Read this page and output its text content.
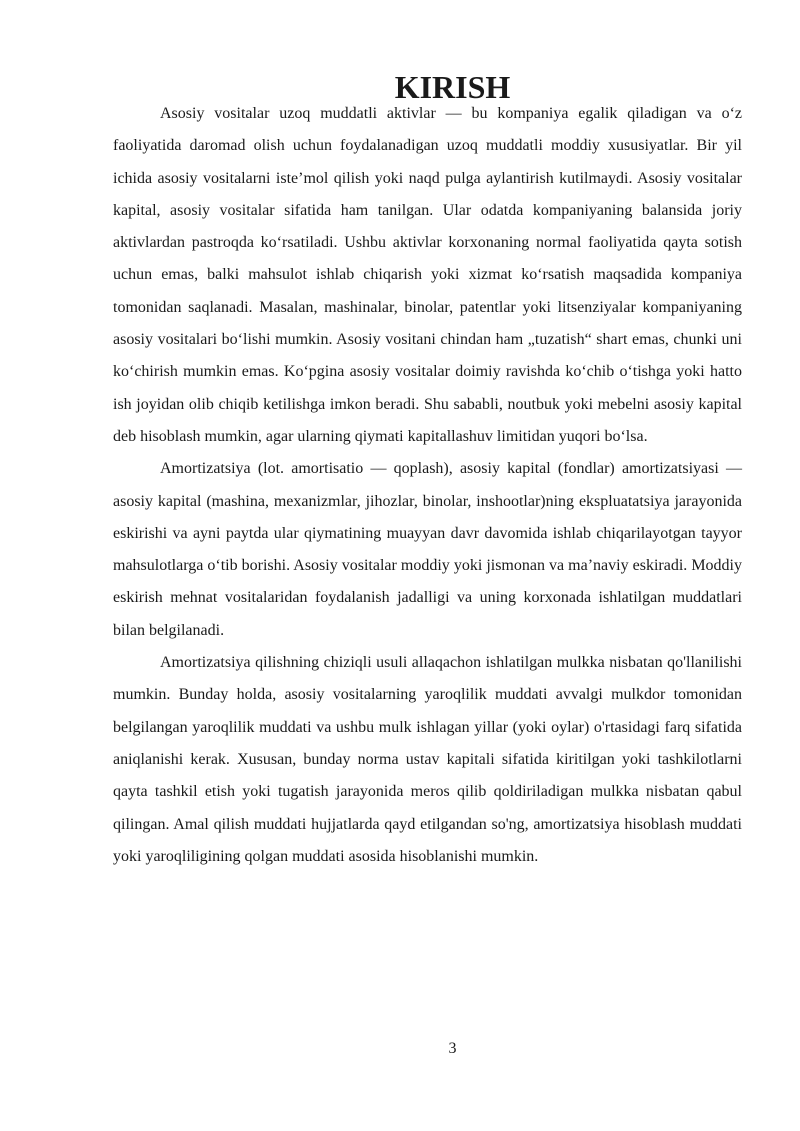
KIRISH

Asosiy vositalar uzoq muddatli aktivlar — bu kompaniya egalik qiladigan va o‘z faoliyatida daromad olish uchun foydalanadigan uzoq muddatli moddiy xususiyatlar. Bir yil ichida asosiy vositalarni iste’mol qilish yoki naqd pulga aylantirish kutilmaydi. Asosiy vositalar kapital, asosiy vositalar sifatida ham tanilgan. Ular odatda kompaniyaning balansida joriy aktivlardan pastroqda ko‘rsatiladi. Ushbu aktivlar korxonaning normal faoliyatida qayta sotish uchun emas, balki mahsulot ishlab chiqarish yoki xizmat ko‘rsatish maqsadida kompaniya tomonidan saqlanadi. Masalan, mashinalar, binolar, patentlar yoki litsenziyalar kompaniyaning asosiy vositalari bo‘lishi mumkin. Asosiy vositani chindan ham „tuzatish“ shart emas, chunki uni ko‘chirish mumkin emas. Ko‘pgina asosiy vositalar doimiy ravishda ko‘chib o‘tishga yoki hatto ish joyidan olib chiqib ketilishga imkon beradi. Shu sababli, noutbuk yoki mebelni asosiy kapital deb hisoblash mumkin, agar ularning qiymati kapitallashuv limitidan yuqori bo‘lsa.

Amortizatsiya (lot. amortisatio — qoplash), asosiy kapital (fondlar) amortizatsiyasi — asosiy kapital (mashina, mexanizmlar, jihozlar, binolar, inshootlar)ning ekspluatatsiya jarayonida eskirishi va ayni paytda ular qiymatining muayyan davr davomida ishlab chiqarilayotgan tayyor mahsulotlarga o‘tib borishi. Asosiy vositalar moddiy yoki jismonan va ma’naviy eskiradi. Moddiy eskirish mehnat vositalaridan foydalanish jadalligi va uning korxonada ishlatilgan muddatlari bilan belgilanadi.

Amortizatsiya qilishning chiziqli usuli allaqachon ishlatilgan mulkka nisbatan qo'llanilishi mumkin. Bunday holda, asosiy vositalarning yaroqlilik muddati avvalgi mulkdor tomonidan belgilangan yaroqlilik muddati va ushbu mulk ishlagan yillar (yoki oylar) o'rtasidagi farq sifatida aniqlanishi kerak. Xususan, bunday norma ustav kapitali sifatida kiritilgan yoki tashkilotlarni qayta tashkil etish yoki tugatish jarayonida meros qilib qoldiriladigan mulkka nisbatan qabul qilingan. Amal qilish muddati hujjatlarda qayd etilgandan so'ng, amortizatsiya hisoblash muddati yoki yaroqliligining qolgan muddati asosida hisoblanishi mumkin.

3
